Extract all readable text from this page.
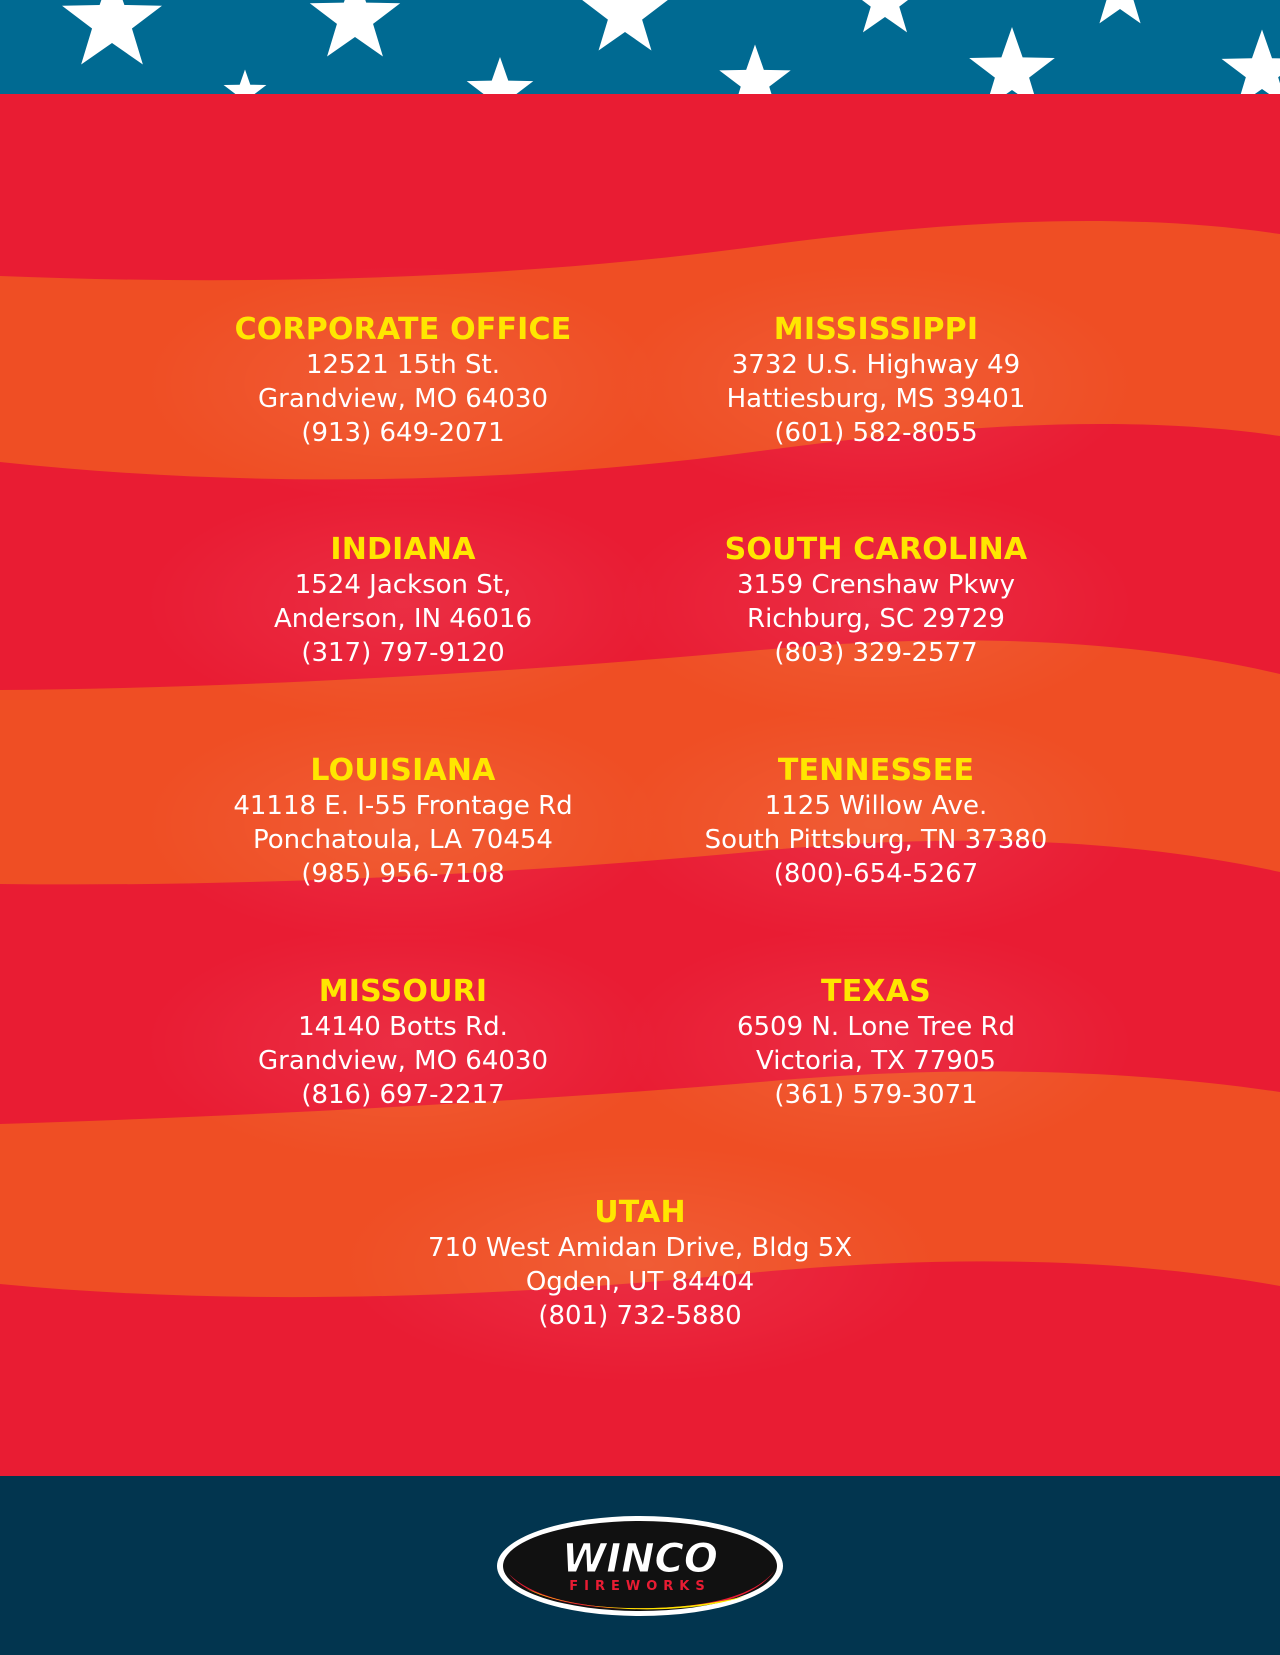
CORPORATE OFFICE
12521 15th St.
Grandview, MO 64030
(913) 649-2071
MISSISSIPPI
3732 U.S. Highway 49
Hattiesburg, MS 39401
(601) 582-8055
INDIANA
1524 Jackson St,
Anderson, IN 46016
(317) 797-9120
SOUTH CAROLINA
3159 Crenshaw Pkwy
Richburg, SC 29729
(803) 329-2577
LOUISIANA
41118 E. I-55 Frontage Rd
Ponchatoula, LA 70454
(985) 956-7108
TENNESSEE
1125 Willow Ave.
South Pittsburg, TN 37380
(800)-654-5267
MISSOURI
14140 Botts Rd.
Grandview, MO 64030
(816) 697-2217
TEXAS
6509 N. Lone Tree Rd
Victoria, TX 77905
(361) 579-3071
UTAH
710 West Amidan Drive, Bldg 5X
Ogden, UT 84404
(801) 732-5880
WINCO
FIREWORKS
